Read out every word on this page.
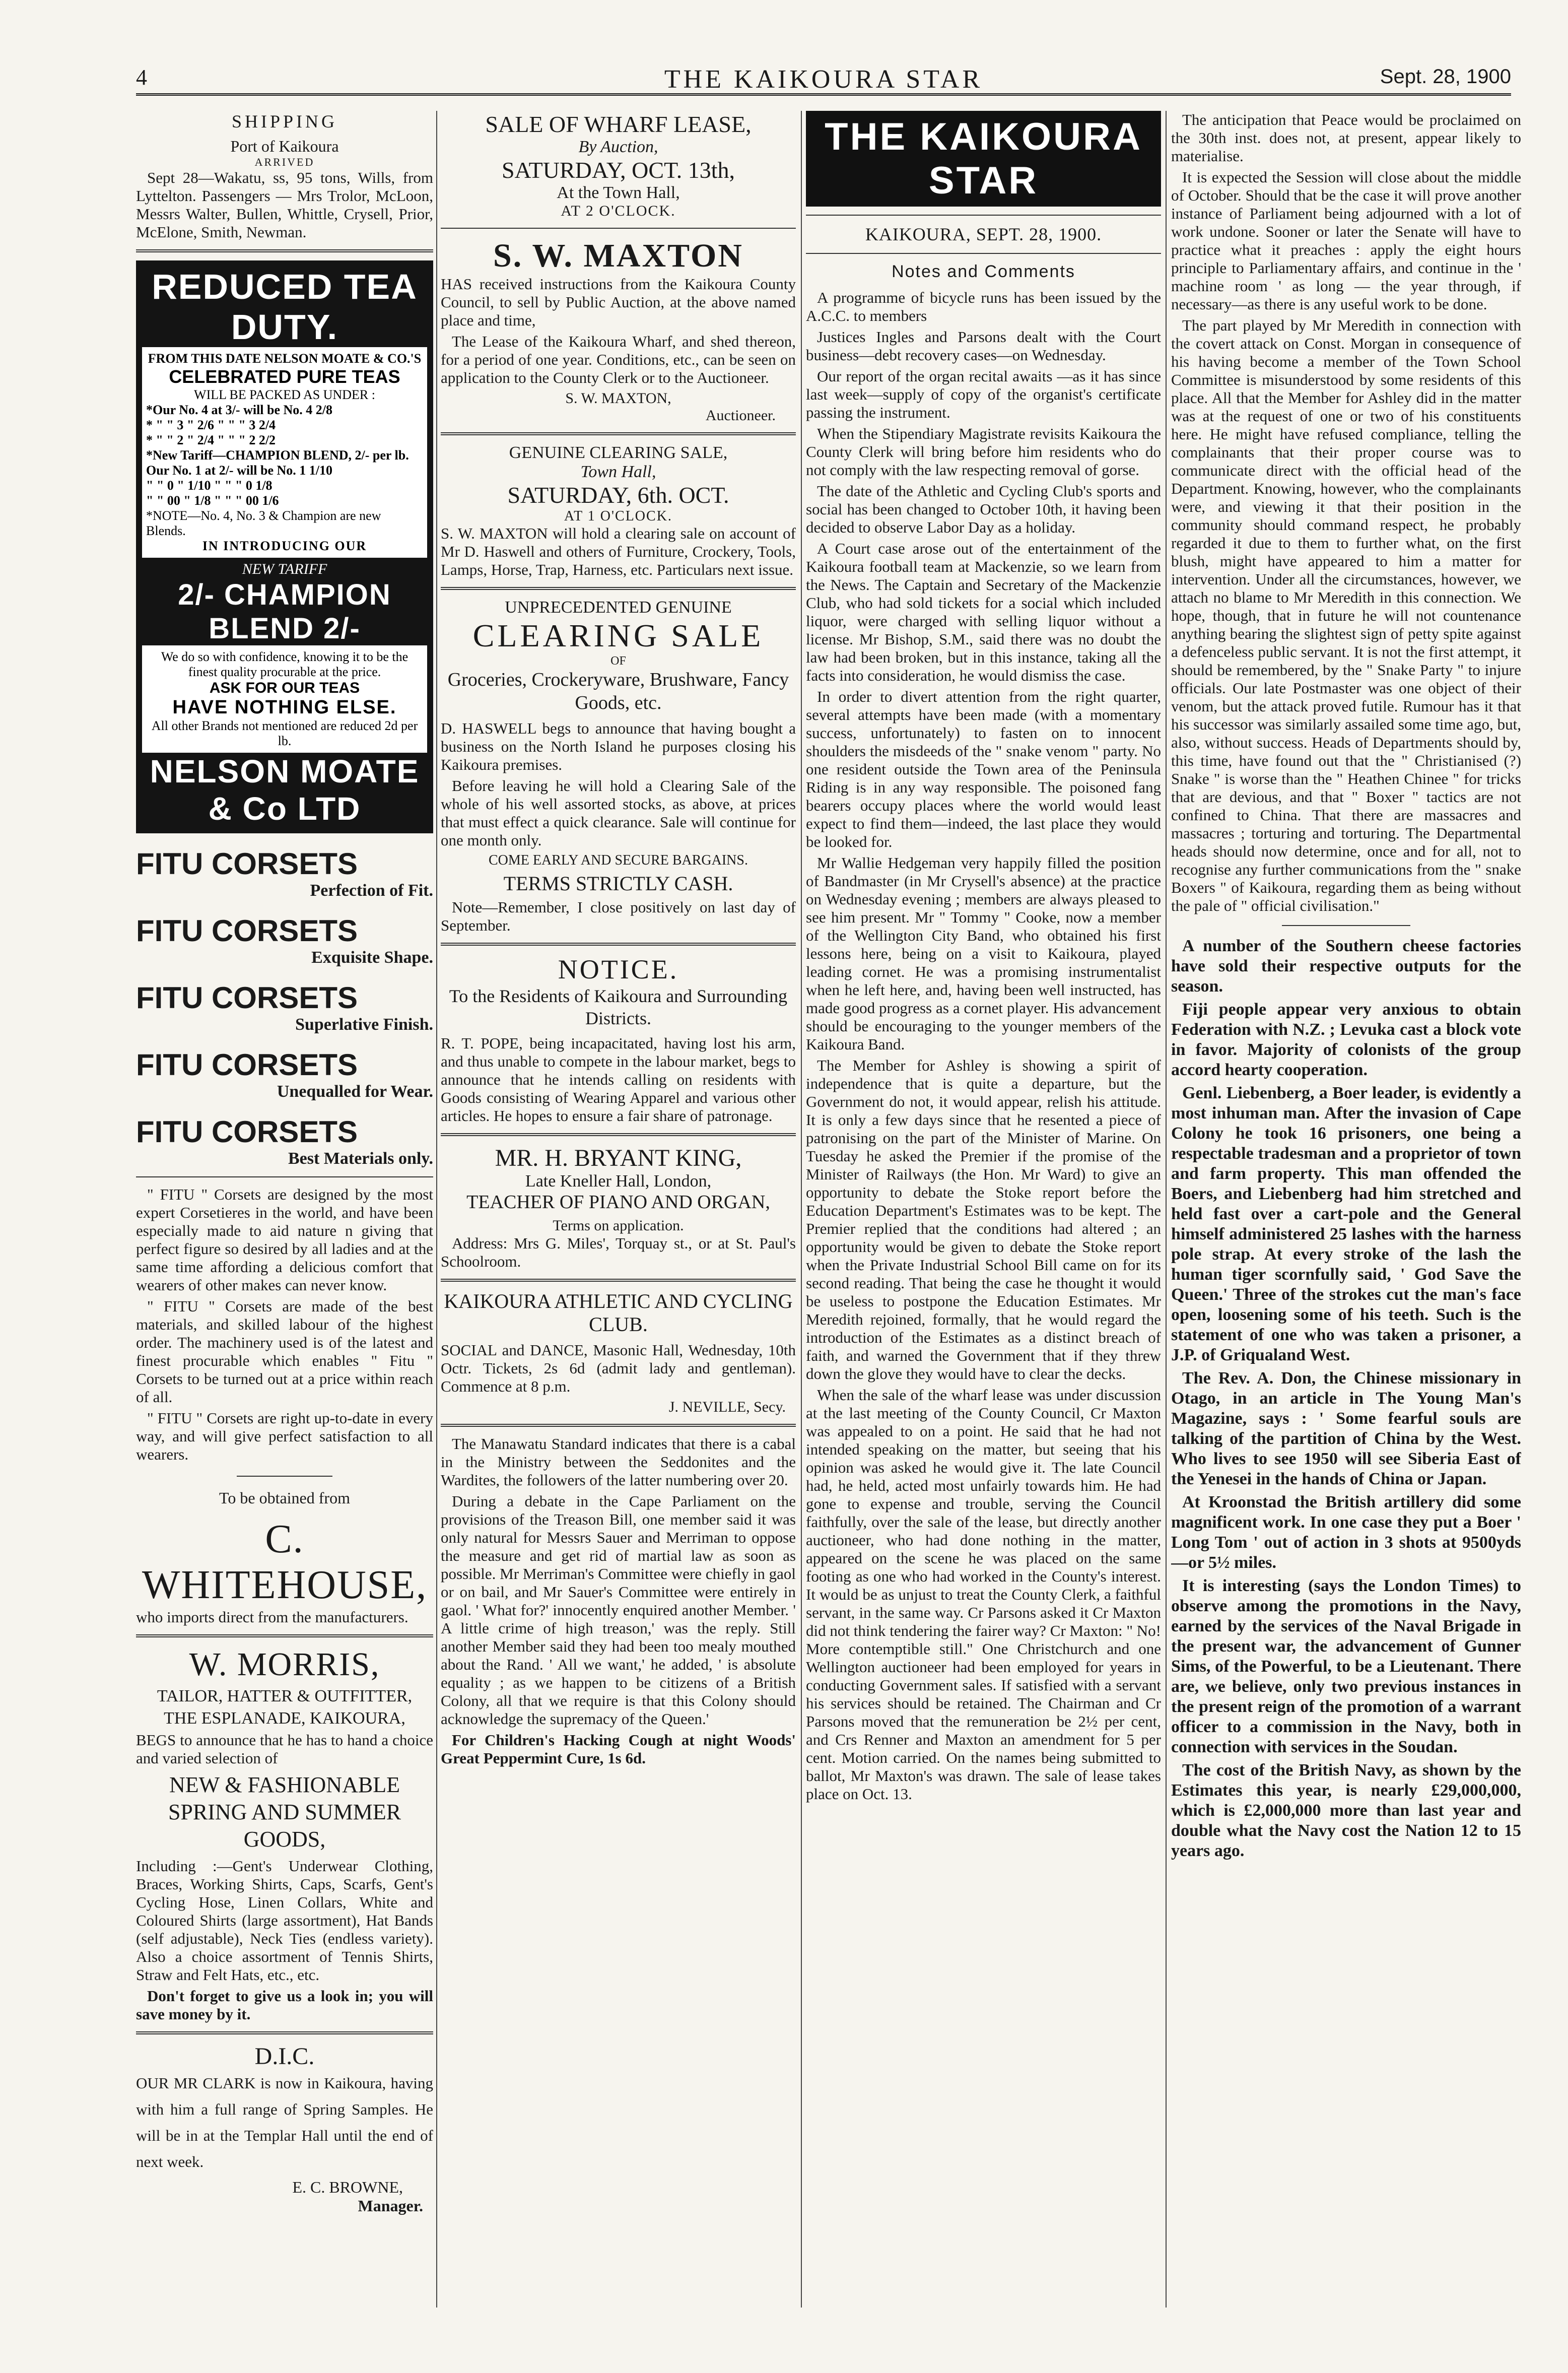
4	THE KAIKOURA STAR	Sept. 28, 1900
SHIPPING
Port of Kaikoura
ARRIVED

Sept 28—Wakatu, ss, 95 tons, Wills, from Lyttelton. Passengers — Mrs Trolor, McLoon, Messrs Walter, Bullen, Whittle, Crysell, Prior, McElone, Smith, Newman.

REDUCED TEA DUTY.
FROM THIS DATE NELSON MOATE & CO.'S
CELEBRATED PURE TEAS
WILL BE PACKED AS UNDER :
*Our No. 4 at 3/- will be No. 4 2/8
* " " 3 " 2/6 " " " 3 2/4
* " " 2 " 2/4 " " " 2 2/2
*New Tariff—CHAMPION BLEND, 2/- per lb.
Our No. 1 at 2/- will be No. 1 1/10
" " 0 " 1/10 " " " 0 1/8
" " 00 " 1/8 " " " 00 1/6
*NOTE—No. 4, No. 3 & Champion are new Blends.
IN INTRODUCING OUR
NEW TARIFF
2/- CHAMPION BLEND 2/-
We do so with confidence, knowing it to be the finest quality procurable at the price.
ASK FOR OUR TEAS
HAVE NOTHING ELSE.
All other Brands not mentioned are reduced 2d per lb.
NELSON MOATE & Co LTD
FITU CORSETS
Perfection of Fit.
FITU CORSETS
Exquisite Shape.
FITU CORSETS
Superlative Finish.
FITU CORSETS
Unequalled for Wear.
FITU CORSETS
Best Materials only.

" FITU " Corsets are designed by the most expert Corsetieres in the world, and have been especially made to aid nature n giving that perfect figure so desired by all ladies and at the same time affording a delicious comfort that wearers of other makes can never know.

" FITU " Corsets are made of the best materials, and skilled labour of the highest order. The machinery used is of the latest and finest procurable which enables " Fitu " Corsets to be turned out at a price within reach of all.

" FITU " Corsets are right up-to-date in every way, and will give perfect satisfaction to all wearers.

To be obtained from
C. WHITEHOUSE,

who imports direct from the manufacturers.

W. MORRIS,
TAILOR, HATTER & OUTFITTER,
THE ESPLANADE, KAIKOURA,

BEGS to announce that he has to hand a choice and varied selection of

NEW & FASHIONABLE SPRING AND SUMMER GOODS,

Including :—Gent's Underwear Clothing, Braces, Working Shirts, Caps, Scarfs, Gent's Cycling Hose, Linen Collars, White and Coloured Shirts (large assortment), Hat Bands (self adjustable), Neck Ties (endless variety). Also a choice assortment of Tennis Shirts, Straw and Felt Hats, etc., etc.

Don't forget to give us a look in; you will save money by it.

D.I.C.

OUR MR CLARK is now in Kaikoura, having with him a full range of Spring Samples. He will be in at the Templar Hall until the end of next week.

E. C. BROWNE,
Manager.
SALE OF WHARF LEASE,
By Auction,
SATURDAY, OCT. 13th,
At the Town Hall,
AT 2 O'CLOCK.
S. W. MAXTON

HAS received instructions from the Kaikoura County Council, to sell by Public Auction, at the above named place and time,

The Lease of the Kaikoura Wharf, and shed thereon, for a period of one year. Conditions, etc., can be seen on application to the County Clerk or to the Auctioneer.

S. W. MAXTON,
Auctioneer.
GENUINE CLEARING SALE,
Town Hall,
SATURDAY, 6th. OCT.
AT 1 O'CLOCK.

S. W. MAXTON will hold a clearing sale on account of Mr D. Haswell and others of Furniture, Crockery, Tools, Lamps, Horse, Trap, Harness, etc. Particulars next issue.

UNPRECEDENTED GENUINE
CLEARING SALE
OF
Groceries, Crockeryware, Brushware, Fancy Goods, etc.

D. HASWELL begs to announce that having bought a business on the North Island he purposes closing his Kaikoura premises.

Before leaving he will hold a Clearing Sale of the whole of his well assorted stocks, as above, at prices that must effect a quick clearance. Sale will continue for one month only.

COME EARLY AND SECURE BARGAINS.
TERMS STRICTLY CASH.

Note—Remember, I close positively on last day of September.

NOTICE.
To the Residents of Kaikoura and Surrounding Districts.

R. T. POPE, being incapacitated, having lost his arm, and thus unable to compete in the labour market, begs to announce that he intends calling on residents with Goods consisting of Wearing Apparel and various other articles. He hopes to ensure a fair share of patronage.

MR. H. BRYANT KING,
Late Kneller Hall, London,
TEACHER OF PIANO AND ORGAN,
Terms on application.

Address: Mrs G. Miles', Torquay st., or at St. Paul's Schoolroom.

KAIKOURA ATHLETIC AND CYCLING CLUB.

SOCIAL and DANCE, Masonic Hall, Wednesday, 10th Octr. Tickets, 2s 6d (admit lady and gentleman). Commence at 8 p.m.

J. NEVILLE, Secy.

The Manawatu Standard indicates that there is a cabal in the Ministry between the Seddonites and the Wardites, the followers of the latter numbering over 20.

During a debate in the Cape Parliament on the provisions of the Treason Bill, one member said it was only natural for Messrs Sauer and Merriman to oppose the measure and get rid of martial law as soon as possible. Mr Merriman's Committee were chiefly in gaol or on bail, and Mr Sauer's Committee were entirely in gaol. ' What for?' innocently enquired another Member. ' A little crime of high treason,' was the reply. Still another Member said they had been too mealy mouthed about the Rand. ' All we want,' he added, ' is absolute equality ; as we happen to be citizens of a British Colony, all that we require is that this Colony should acknowledge the supremacy of the Queen.'

For Children's Hacking Cough at night Woods' Great Peppermint Cure, 1s 6d.

THE KAIKOURA STAR
KAIKOURA, SEPT. 28, 1900.
Notes and Comments

A programme of bicycle runs has been issued by the A.C.C. to members

Justices Ingles and Parsons dealt with the Court business—debt recovery cases—on Wednesday.

Our report of the organ recital awaits —as it has since last week—supply of copy of the organist's certificate passing the instrument.

When the Stipendiary Magistrate revisits Kaikoura the County Clerk will bring before him residents who do not comply with the law respecting removal of gorse.

The date of the Athletic and Cycling Club's sports and social has been changed to October 10th, it having been decided to observe Labor Day as a holiday.

A Court case arose out of the entertainment of the Kaikoura football team at Mackenzie, so we learn from the News. The Captain and Secretary of the Mackenzie Club, who had sold tickets for a social which included liquor, were charged with selling liquor without a license. Mr Bishop, S.M., said there was no doubt the law had been broken, but in this instance, taking all the facts into consideration, he would dismiss the case.

In order to divert attention from the right quarter, several attempts have been made (with a momentary success, unfortunately) to fasten on to innocent shoulders the misdeeds of the " snake venom " party. No one resident outside the Town area of the Peninsula Riding is in any way responsible. The poisoned fang bearers occupy places where the world would least expect to find them—indeed, the last place they would be looked for.

Mr Wallie Hedgeman very happily filled the position of Bandmaster (in Mr Crysell's absence) at the practice on Wednesday evening ; members are always pleased to see him present. Mr " Tommy " Cooke, now a member of the Wellington City Band, who obtained his first lessons here, being on a visit to Kaikoura, played leading cornet. He was a promising instrumentalist when he left here, and, having been well instructed, has made good progress as a cornet player. His advancement should be encouraging to the younger members of the Kaikoura Band.

The Member for Ashley is showing a spirit of independence that is quite a departure, but the Government do not, it would appear, relish his attitude. It is only a few days since that he resented a piece of patronising on the part of the Minister of Marine. On Tuesday he asked the Premier if the promise of the Minister of Railways (the Hon. Mr Ward) to give an opportunity to debate the Stoke report before the Education Department's Estimates was to be kept. The Premier replied that the conditions had altered ; an opportunity would be given to debate the Stoke report when the Private Industrial School Bill came on for its second reading. That being the case he thought it would be useless to postpone the Education Estimates. Mr Meredith rejoined, formally, that he would regard the introduction of the Estimates as a distinct breach of faith, and warned the Government that if they threw down the glove they would have to clear the decks.

When the sale of the wharf lease was under discussion at the last meeting of the County Council, Cr Maxton was appealed to on a point. He said that he had not intended speaking on the matter, but seeing that his opinion was asked he would give it. The late Council had, he held, acted most unfairly towards him. He had gone to expense and trouble, serving the Council faithfully, over the sale of the lease, but directly another auctioneer, who had done nothing in the matter, appeared on the scene he was placed on the same footing as one who had worked in the County's interest. It would be as unjust to treat the County Clerk, a faithful servant, in the same way. Cr Parsons asked it Cr Maxton did not think tendering the fairer way? Cr Maxton: " No! More contemptible still." One Christchurch and one Wellington auctioneer had been employed for years in conducting Government sales. If satisfied with a servant his services should be retained. The Chairman and Cr Parsons moved that the remuneration be 2½ per cent, and Crs Renner and Maxton an amendment for 5 per cent. Motion carried. On the names being submitted to ballot, Mr Maxton's was drawn. The sale of lease takes place on Oct. 13.

The anticipation that Peace would be proclaimed on the 30th inst. does not, at present, appear likely to materialise.

It is expected the Session will close about the middle of October. Should that be the case it will prove another instance of Parliament being adjourned with a lot of work undone. Sooner or later the Senate will have to practice what it preaches : apply the eight hours principle to Parliamentary affairs, and continue in the ' machine room ' as long — the year through, if necessary—as there is any useful work to be done.

The part played by Mr Meredith in connection with the covert attack on Const. Morgan in consequence of his having become a member of the Town School Committee is misunderstood by some residents of this place. All that the Member for Ashley did in the matter was at the request of one or two of his constituents here. He might have refused compliance, telling the complainants that their proper course was to communicate direct with the official head of the Department. Knowing, however, who the complainants were, and viewing it that their position in the community should command respect, he probably regarded it due to them to further what, on the first blush, might have appeared to him a matter for intervention. Under all the circumstances, however, we attach no blame to Mr Meredith in this connection. We hope, though, that in future he will not countenance anything bearing the slightest sign of petty spite against a defenceless public servant. It is not the first attempt, it should be remembered, by the " Snake Party " to injure officials. Our late Postmaster was one object of their venom, but the attack proved futile. Rumour has it that his successor was similarly assailed some time ago, but, also, without success. Heads of Departments should by, this time, have found out that the " Christianised (?) Snake " is worse than the " Heathen Chinee " for tricks that are devious, and that " Boxer " tactics are not confined to China. That there are massacres and massacres ; torturing and torturing. The Departmental heads should now determine, once and for all, not to recognise any further communications from the " snake Boxers " of Kaikoura, regarding them as being without the pale of " official civilisation."

A number of the Southern cheese factories have sold their respective outputs for the season.

Fiji people appear very anxious to obtain Federation with N.Z. ; Levuka cast a block vote in favor. Majority of colonists of the group accord hearty cooperation.

Genl. Liebenberg, a Boer leader, is evidently a most inhuman man. After the invasion of Cape Colony he took 16 prisoners, one being a respectable tradesman and a proprietor of town and farm property. This man offended the Boers, and Liebenberg had him stretched and held fast over a cart-pole and the General himself administered 25 lashes with the harness pole strap. At every stroke of the lash the human tiger scornfully said, ' God Save the Queen.' Three of the strokes cut the man's face open, loosening some of his teeth. Such is the statement of one who was taken a prisoner, a J.P. of Griqualand West.

The Rev. A. Don, the Chinese missionary in Otago, in an article in The Young Man's Magazine, says : ' Some fearful souls are talking of the partition of China by the West. Who lives to see 1950 will see Siberia East of the Yenesei in the hands of China or Japan.

At Kroonstad the British artillery did some magnificent work. In one case they put a Boer ' Long Tom ' out of action in 3 shots at 9500yds—or 5½ miles.

It is interesting (says the London Times) to observe among the promotions in the Navy, earned by the services of the Naval Brigade in the present war, the advancement of Gunner Sims, of the Powerful, to be a Lieutenant. There are, we believe, only two previous instances in the present reign of the promotion of a warrant officer to a commission in the Navy, both in connection with services in the Soudan.

The cost of the British Navy, as shown by the Estimates this year, is nearly £29,000,000, which is £2,000,000 more than last year and double what the Navy cost the Nation 12 to 15 years ago.
